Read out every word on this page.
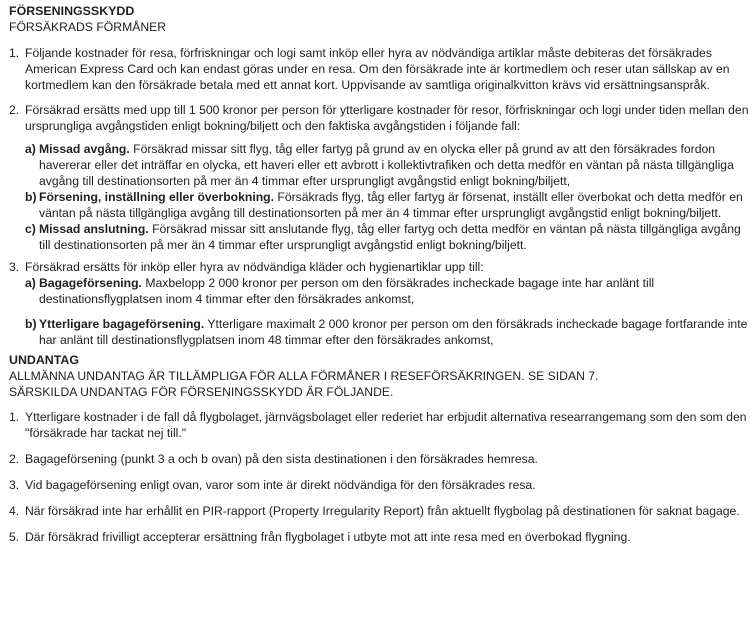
FÖRSENINGSSKYDD

FÖRSÄKRADS FÖRMÅNER

1. Följande kostnader för resa, förfriskningar och logi samt inköp eller hyra av nödvändiga artiklar måste debiteras det försäkrades American Express Card och kan endast göras under en resa. Om den försäkrade inte är kortmedlem och reser utan sällskap av en kortmedlem kan den försäkrade betala med ett annat kort. Uppvisande av samtliga originalkvitton krävs vid ersättningsanspråk.
2. Försäkrad ersätts med upp till 1 500 kronor per person för ytterligare kostnader för resor, förfriskningar och logi under tiden mellan den ursprungliga avgångstiden enligt bokning/biljett och den faktiska avgångstiden i följande fall:
a) Missad avgång. Försäkrad missar sitt flyg, tåg eller fartyg på grund av en olycka eller på grund av att den försäkrades fordon havererar eller det inträffar en olycka, ett haveri eller ett avbrott i kollektivtrafiken och detta medför en väntan på nästa tillgängliga avgång till destinationsorten på mer än 4 timmar efter ursprungligt avgångstid enligt bokning/biljett,
b) Försening, inställning eller överbokning. Försäkrads flyg, tåg eller fartyg är försenat, inställt eller överbokat och detta medför en väntan på nästa tillgängliga avgång till destinationsorten på mer än 4 timmar efter ursprungligt avgångstid enligt bokning/biljett.
c) Missad anslutning. Försäkrad missar sitt anslutande flyg, tåg eller fartyg och detta medför en väntan på nästa tillgängliga avgång till destinationsorten på mer än 4 timmar efter ursprungligt avgångstid enligt bokning/biljett.
3. Försäkrad ersätts för inköp eller hyra av nödvändiga kläder och hygienartiklar upp till:
a) Bagageförsening. Maxbelopp 2 000 kronor per person om den försäkrades incheckade bagage inte har anlänt till destinationsflygplatsen inom 4 timmar efter den försäkrades ankomst,
b) Ytterligare bagageförsening. Ytterligare maximalt 2 000 kronor per person om den försäkrads incheckade bagage fortfarande inte har anlänt till destinationsflygplatsen inom 48 timmar efter den försäkrades ankomst,

UNDANTAG

ALLMÄNNA UNDANTAG ÄR TILLÄMPLIGA FÖR ALLA FÖRMÅNER I RESEFÖRSÄKRINGEN. SE SIDAN 7.

SÄRSKILDA UNDANTAG FÖR FÖRSENINGSSKYDD ÄR FÖLJANDE.

1. Ytterligare kostnader i de fall då flygbolaget, järnvägsbolaget eller rederiet har erbjudit alternativa researrangemang som den som den "försäkrade har tackat nej till."
2. Bagageförsening (punkt 3 a och b ovan) på den sista destinationen i den försäkrades hemresa.
3. Vid bagageförsening enligt ovan, varor som inte är direkt nödvändiga för den försäkrades resa.
4. När försäkrad inte har erhållit en PIR-rapport (Property Irregularity Report) från aktuellt flygbolag på destinationen för saknat bagage.
5. Där försäkrad frivilligt accepterar ersättning från flygbolaget i utbyte mot att inte resa med en överbokad flygning.
